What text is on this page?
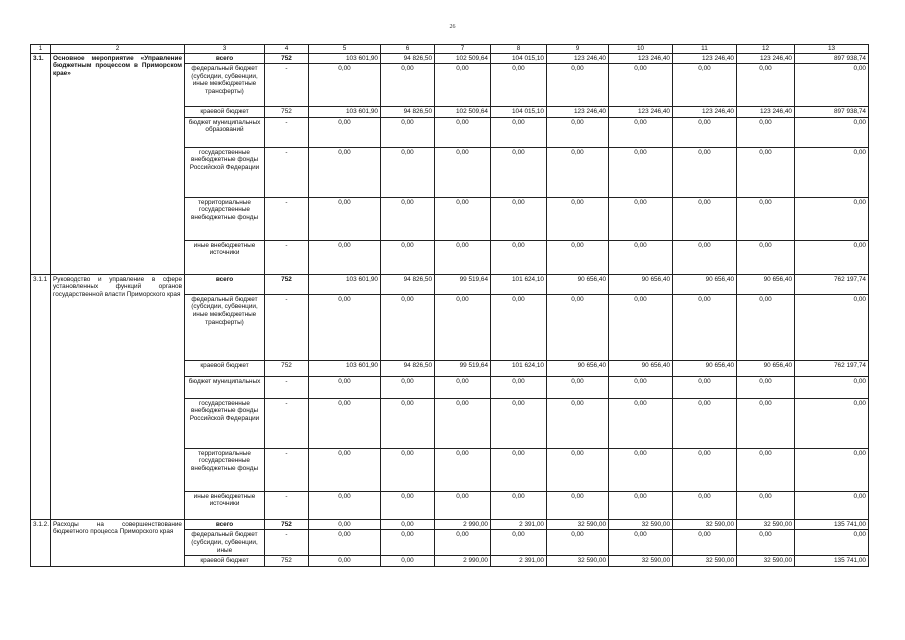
26
1	2	3	4	5	6	7	8	9	10	11	12	13
3.1.	Основное мероприятие «Управление бюджетным процессом в Приморском крае»	всего	752	103 601,90	94 826,50	102 509,64	104 015,10	123 246,40	123 246,40	123 246,40	123 246,40	897 938,74
		федеральный бюджет (субсидии, субвенции, иные межбюджетные трансферты)	-	0,00	0,00	0,00	0,00	0,00	0,00	0,00	0,00	0,00
		краевой бюджет	752	103 601,90	94 826,50	102 509,64	104 015,10	123 246,40	123 246,40	123 246,40	123 246,40	897 938,74
		бюджет муниципальных образований	-	0,00	0,00	0,00	0,00	0,00	0,00	0,00	0,00	0,00
		государственные внебюджетные фонды Российской Федерации	-	0,00	0,00	0,00	0,00	0,00	0,00	0,00	0,00	0,00
		территориальные государственные внебюджетные фонды	-	0,00	0,00	0,00	0,00	0,00	0,00	0,00	0,00	0,00
		иные внебюджетные источники	-	0,00	0,00	0,00	0,00	0,00	0,00	0,00	0,00	0,00
3.1.1	Руководство и управление в сфере установленных функций органов государственной власти Приморского края	всего	752	103 601,90	94 826,50	99 519,64	101 624,10	90 656,40	90 656,40	90 656,40	90 656,40	762 197,74
		федеральный бюджет (субсидии, субвенции, иные межбюджетные трансферты)	-	0,00	0,00	0,00	0,00	0,00	0,00	0,00	0,00	0,00
		краевой бюджет	752	103 601,90	94 826,50	99 519,64	101 624,10	90 656,40	90 656,40	90 656,40	90 656,40	762 197,74
		бюджет муниципальных	-	0,00	0,00	0,00	0,00	0,00	0,00	0,00	0,00	0,00
		государственные внебюджетные фонды Российской Федерации	-	0,00	0,00	0,00	0,00	0,00	0,00	0,00	0,00	0,00
		территориальные государственные внебюджетные фонды	-	0,00	0,00	0,00	0,00	0,00	0,00	0,00	0,00	0,00
		иные внебюджетные источники	-	0,00	0,00	0,00	0,00	0,00	0,00	0,00	0,00	0,00
3.1.2.	Расходы на совершенствование бюджетного процесса Приморского края	всего	752	0,00	0,00	2 990,00	2 391,00	32 590,00	32 590,00	32 590,00	32 590,00	135 741,00
		федеральный бюджет (субсидии, субвенции, иные	-	0,00	0,00	0,00	0,00	0,00	0,00	0,00	0,00	0,00
		краевой бюджет	752	0,00	0,00	2 990,00	2 391,00	32 590,00	32 590,00	32 590,00	32 590,00	135 741,00
